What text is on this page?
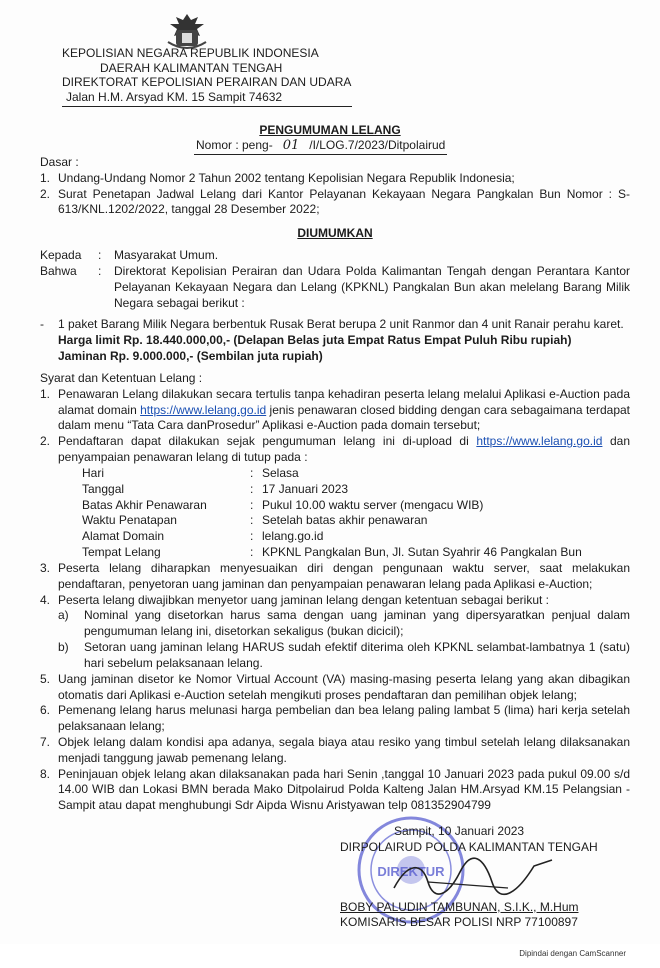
KEPOLISIAN NEGARA REPUBLIK INDONESIA
DAERAH KALIMANTAN TENGAH
DIREKTORAT KEPOLISIAN PERAIRAN DAN UDARA
Jalan H.M. Arsyad KM. 15 Sampit 74632
PENGUMUMAN LELANG
Nomor : peng- 01 /I/LOG.7/2023/Ditpolairud
Dasar :
1. Undang-Undang Nomor 2 Tahun 2002 tentang Kepolisian Negara Republik Indonesia;
2. Surat Penetapan Jadwal Lelang dari Kantor Pelayanan Kekayaan Negara Pangkalan Bun Nomor : S-613/KNL.1202/2022, tanggal 28 Desember 2022;
DIUMUMKAN
Kepada	:	Masyarakat Umum.
Bahwa	:	Direktorat Kepolisian Perairan dan Udara Polda Kalimantan Tengah dengan Perantara Kantor Pelayanan Kekayaan Negara dan Lelang (KPKNL) Pangkalan Bun akan melelang Barang Milik Negara sebagai berikut :
-	1 paket Barang Milik Negara berbentuk Rusak Berat berupa 2 unit Ranmor dan 4 unit Ranair perahu karet.
Harga limit Rp. 18.440.000,00,- (Delapan Belas juta Empat Ratus Empat Puluh Ribu rupiah)
Jaminan Rp. 9.000.000,- (Sembilan juta rupiah)
Syarat dan Ketentuan Lelang :
1. Penawaran Lelang dilakukan secara tertulis tanpa kehadiran peserta lelang melalui Aplikasi e-Auction pada alamat domain https://www.lelang.go.id jenis penawaran closed bidding dengan cara sebagaimana terdapat dalam menu “Tata Cara danProsedur” Aplikasi e-Auction pada domain tersebut;
2. Pendaftaran dapat dilakukan sejak pengumuman lelang ini di-upload di https://www.lelang.go.id dan penyampaian penawaran lelang di tutup pada :
Hari	: Selasa
Tanggal	: 17 Januari 2023
Batas Akhir Penawaran	: Pukul 10.00 waktu server (mengacu WIB)
Waktu Penatapan	: Setelah batas akhir penawaran
Alamat Domain	: lelang.go.id
Tempat Lelang	: KPKNL Pangkalan Bun, Jl. Sutan Syahrir 46 Pangkalan Bun
3. Peserta lelang diharapkan menyesuaikan diri dengan pengunaan waktu server, saat melakukan pendaftaran, penyetoran uang jaminan dan penyampaian penawaran lelang pada Aplikasi e-Auction;
4. Peserta lelang diwajibkan menyetor uang jaminan lelang dengan ketentuan sebagai berikut :
a)	Nominal yang disetorkan harus sama dengan uang jaminan yang dipersyaratkan penjual dalam pengumuman lelang ini, disetorkan sekaligus (bukan dicicil);
b)	Setoran uang jaminan lelang HARUS sudah efektif diterima oleh KPKNL selambat-lambatnya 1 (satu) hari sebelum pelaksanaan lelang.
5. Uang jaminan disetor ke Nomor Virtual Account (VA) masing-masing peserta lelang yang akan dibagikan otomatis dari Aplikasi e-Auction setelah mengikuti proses pendaftaran dan pemilihan objek lelang;
6. Pemenang lelang harus melunasi harga pembelian dan bea lelang paling lambat 5 (lima) hari kerja setelah pelaksanaan lelang;
7. Objek lelang dalam kondisi apa adanya, segala biaya atau resiko yang timbul setelah lelang dilaksanakan menjadi tanggung jawab pemenang lelang.
8. Peninjauan objek lelang akan dilaksanakan pada hari Senin ,tanggal 10 Januari 2023 pada pukul 09.00 s/d 14.00 WIB dan Lokasi BMN berada Mako Ditpolairud Polda Kalteng Jalan HM.Arsyad KM.15 Pelangsian - Sampit atau dapat menghubungi Sdr Aipda Wisnu Aristyawan telp 081352904799
DIREKTUR
Sampit, 10 Januari 2023
DIRPOLAIRUD POLDA KALIMANTAN TENGAH
BOBY PALUDIN TAMBUNAN, S.I.K., M.Hum
KOMISARIS BESAR POLISI NRP 77100897
Dipindai dengan CamScanner
